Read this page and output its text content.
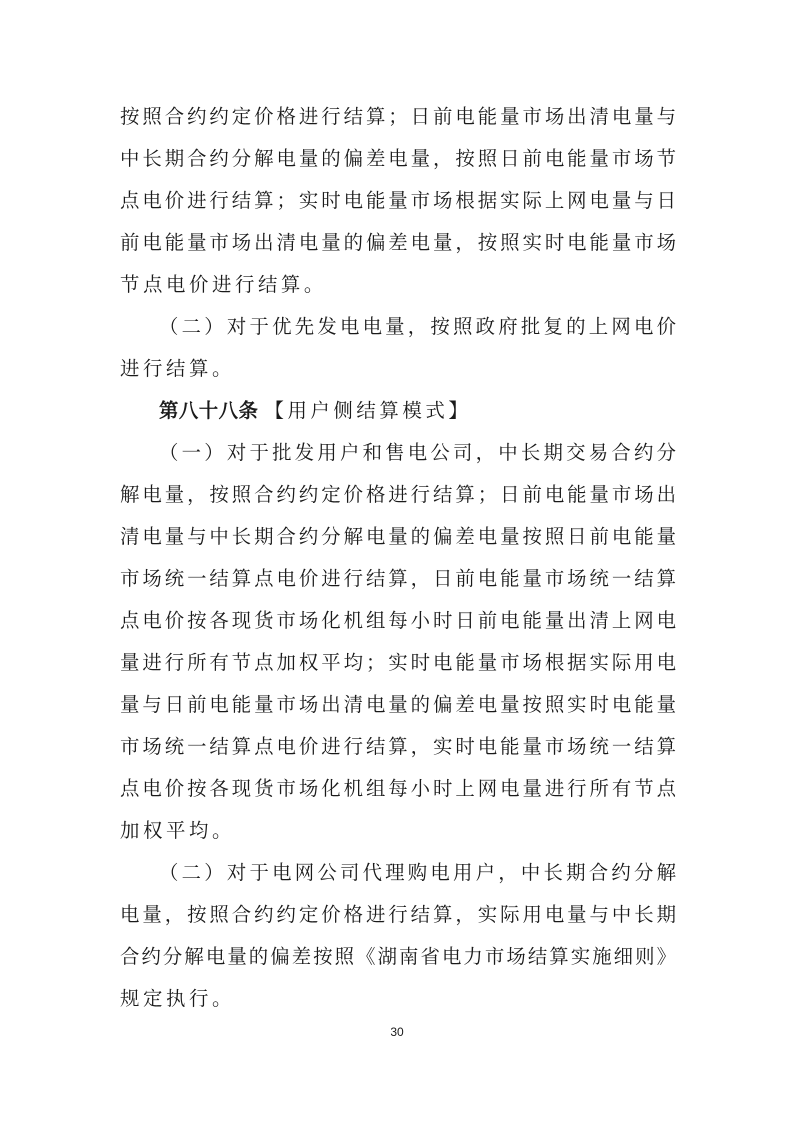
按照合约约定价格进行结算；日前电能量市场出清电量与
中长期合约分解电量的偏差电量，按照日前电能量市场节
点电价进行结算；实时电能量市场根据实际上网电量与日
前电能量市场出清电量的偏差电量，按照实时电能量市场
节点电价进行结算。
（二）对于优先发电电量，按照政府批复的上网电价
进行结算。
第八十八条 【用户侧结算模式】
（一）对于批发用户和售电公司，中长期交易合约分
解电量，按照合约约定价格进行结算；日前电能量市场出
清电量与中长期合约分解电量的偏差电量按照日前电能量
市场统一结算点电价进行结算，日前电能量市场统一结算
点电价按各现货市场化机组每小时日前电能量出清上网电
量进行所有节点加权平均；实时电能量市场根据实际用电
量与日前电能量市场出清电量的偏差电量按照实时电能量
市场统一结算点电价进行结算，实时电能量市场统一结算
点电价按各现货市场化机组每小时上网电量进行所有节点
加权平均。
（二）对于电网公司代理购电用户，中长期合约分解
电量，按照合约约定价格进行结算，实际用电量与中长期
合约分解电量的偏差按照《湖南省电力市场结算实施细则》
规定执行。
30
